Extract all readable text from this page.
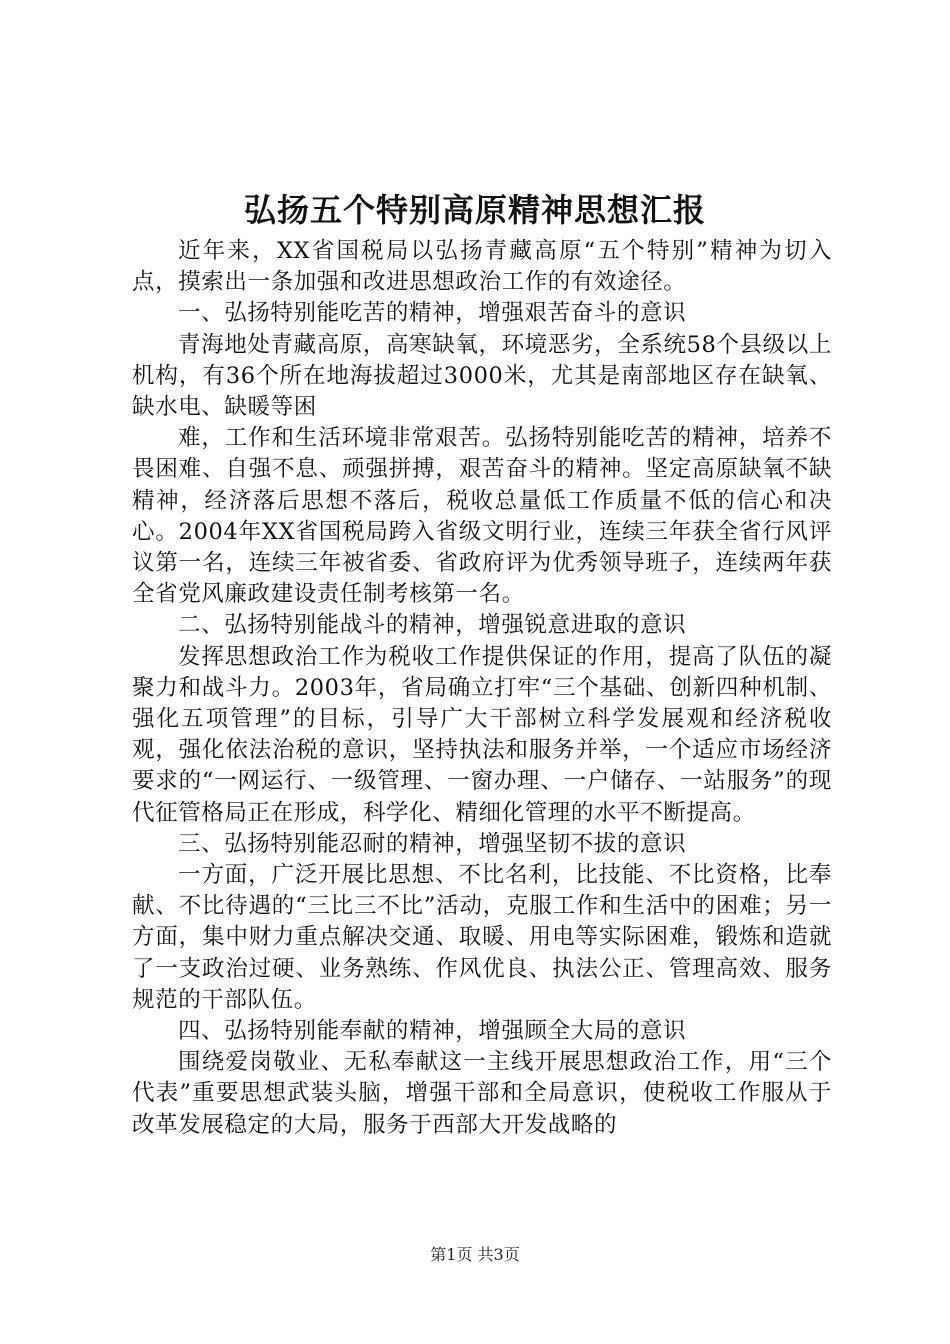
弘扬五个特别高原精神思想汇报

近年来，XX省国税局以弘扬青藏高原“五个特别”精神为切入点，摸索出一条加强和改进思想政治工作的有效途径。

一、弘扬特别能吃苦的精神，增强艰苦奋斗的意识

青海地处青藏高原，高寒缺氧，环境恶劣，全系统58个县级以上机构，有36个所在地海拔超过3000米，尤其是南部地区存在缺氧、缺水电、缺暖等困

难，工作和生活环境非常艰苦。弘扬特别能吃苦的精神，培养不畏困难、自强不息、顽强拼搏，艰苦奋斗的精神。坚定高原缺氧不缺精神，经济落后思想不落后，税收总量低工作质量不低的信心和决心。2004年XX省国税局跨入省级文明行业，连续三年获全省行风评议第一名，连续三年被省委、省政府评为优秀领导班子，连续两年获全省党风廉政建设责任制考核第一名。

二、弘扬特别能战斗的精神，增强锐意进取的意识

发挥思想政治工作为税收工作提供保证的作用，提高了队伍的凝聚力和战斗力。2003年，省局确立打牢“三个基础、创新四种机制、强化五项管理”的目标，引导广大干部树立科学发展观和经济税收观，强化依法治税的意识，坚持执法和服务并举，一个适应市场经济要求的“一网运行、一级管理、一窗办理、一户储存、一站服务”的现代征管格局正在形成，科学化、精细化管理的水平不断提高。

三、弘扬特别能忍耐的精神，增强坚韧不拔的意识

一方面，广泛开展比思想、不比名利，比技能、不比资格，比奉献、不比待遇的“三比三不比”活动，克服工作和生活中的困难；另一方面，集中财力重点解决交通、取暖、用电等实际困难，锻炼和造就了一支政治过硬、业务熟练、作风优良、执法公正、管理高效、服务规范的干部队伍。

四、弘扬特别能奉献的精神，增强顾全大局的意识

围绕爱岗敬业、无私奉献这一主线开展思想政治工作，用“三个代表”重要思想武装头脑，增强干部和全局意识，使税收工作服从于改革发展稳定的大局，服务于西部大开发战略的

第1页 共3页
